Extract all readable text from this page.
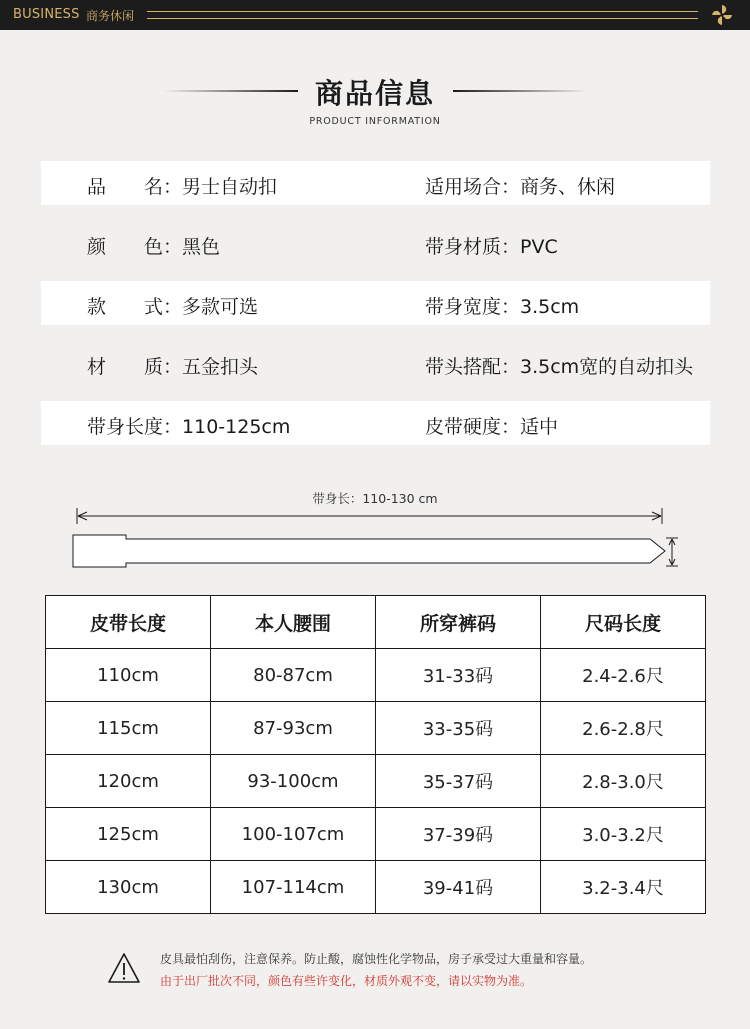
BUSINESS 商务休闲
商品信息
PRODUCT INFORMATION
品　　名：男士自动扣	适用场合：商务、休闲
颜　　色：黑色	带身材质：PVC
款　　式：多款可选	带身宽度：3.5cm
材　　质：五金扣头	带头搭配：3.5cm宽的自动扣头
带身长度：110-125cm	皮带硬度：适中
带身长：110-130 cm
皮带长度	本人腰围	所穿裤码	尺码长度
110cm	80-87cm	31-33码	2.4-2.6尺
115cm	87-93cm	33-35码	2.6-2.8尺
120cm	93-100cm	35-37码	2.8-3.0尺
125cm	100-107cm	37-39码	3.0-3.2尺
130cm	107-114cm	39-41码	3.2-3.4尺
皮具最怕刮伤，注意保养。防止酸，腐蚀性化学物品，房子承受过大重量和容量。
由于出厂批次不同，颜色有些许变化，材质外观不变，请以实物为准。
